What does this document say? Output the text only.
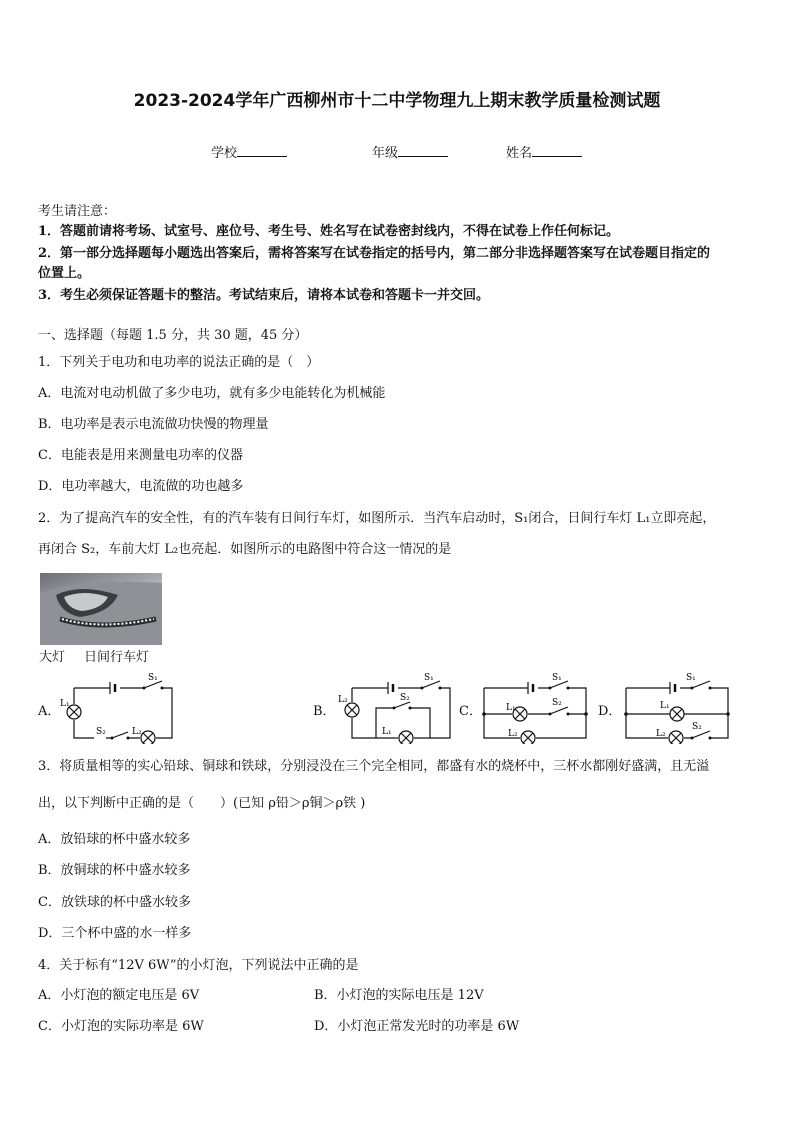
2023-2024学年广西柳州市十二中学物理九上期末教学质量检测试题
学校	年级	姓名
考生请注意：
1．答题前请将考场、试室号、座位号、考生号、姓名写在试卷密封线内，不得在试卷上作任何标记。
2．第一部分选择题每小题选出答案后，需将答案写在试卷指定的括号内，第二部分非选择题答案写在试卷题目指定的
位置上。
3．考生必须保证答题卡的整洁。考试结束后，请将本试卷和答题卡一并交回。
一、选择题（每题 1.5 分，共 30 题，45 分）
1．下列关于电功和电功率的说法正确的是（　）
A．电流对电动机做了多少电功，就有多少电能转化为机械能
B．电功率是表示电流做功快慢的物理量
C．电能表是用来测量电功率的仪器
D．电功率越大，电流做的功也越多
2．为了提高汽车的安全性，有的汽车装有日间行车灯，如图所示．当汽车启动时，S₁闭合，日间行车灯 L₁立即亮起，
再闭合 S₂，车前大灯 L₂也亮起．如图所示的电路图中符合这一情况的是
大灯 日间行车灯
A．
S₁
L₁
S₂	L₂
B．
S₁
L₂	S₂
L₁
C．
S₁
S₂
L₁
L₂
D．
S₁
L₁
S₂
L₂
3．将质量相等的实心铅球、铜球和铁球，分别浸没在三个完全相同，都盛有水的烧杯中，三杯水都刚好盛满，且无溢
出，以下判断中正确的是（　　）(已知 ρ铅＞ρ铜＞ρ铁 )
A．放铅球的杯中盛水较多
B．放铜球的杯中盛水较多
C．放铁球的杯中盛水较多
D．三个杯中盛的水一样多
4．关于标有“12V 6W”的小灯泡，下列说法中正确的是
A．小灯泡的额定电压是 6V	B．小灯泡的实际电压是 12V
C．小灯泡的实际功率是 6W	D．小灯泡正常发光时的功率是 6W
